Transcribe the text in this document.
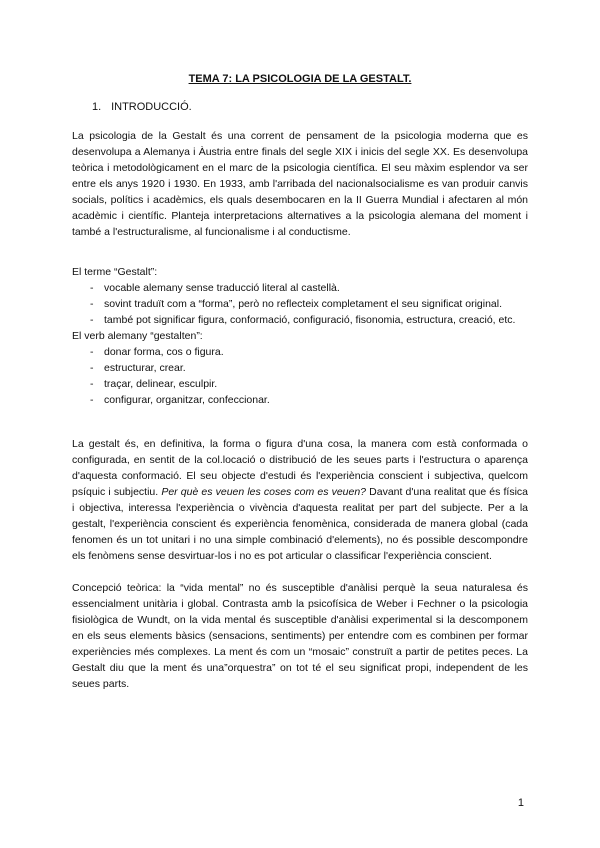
TEMA 7: LA PSICOLOGIA DE LA GESTALT.
1. INTRODUCCIÓ.

La psicologia de la Gestalt és una corrent de pensament de la psicologia moderna que es desenvolupa a Alemanya i Àustria entre finals del segle XIX i inicis del segle XX. Es desenvolupa teòrica i metodològicament en el marc de la psicologia científica. El seu màxim esplendor va ser entre els anys 1920 i 1930. En 1933, amb l'arribada del nacionalsocialisme es van produir canvis socials, polítics i acadèmics, els quals desembocaren en la II Guerra Mundial i afectaren al món acadèmic i científic. Planteja interpretacions alternatives a la psicologia alemana del moment i també a l'estructuralisme, al funcionalisme i al conductisme.

El terme “Gestalt”:

- vocable alemany sense traducció literal al castellà.
- sovint traduït com a “forma”, però no reflecteix completament el seu significat original.
- també pot significar figura, conformació, configuració, fisonomia, estructura, creació, etc.

El verb alemany “gestalten”:

- donar forma, cos o figura.
- estructurar, crear.
- traçar, delinear, esculpir.
- configurar, organitzar, confeccionar.

La gestalt és, en definitiva, la forma o figura d'una cosa, la manera com està conformada o configurada, en sentit de la col.locació o distribució de les seues parts i l'estructura o aparença d'aquesta conformació. El seu objecte d'estudi és l'experiència conscient i subjectiva, quelcom psíquic i subjectiu. Per què es veuen les coses com es veuen? Davant d'una realitat que és física i objectiva, interessa l'experiència o vivència d'aquesta realitat per part del subjecte. Per a la gestalt, l'experiència conscient és experiència fenomènica, considerada de manera global (cada fenomen és un tot unitari i no una simple combinació d'elements), no és possible descompondre els fenòmens sense desvirtuar-los i no es pot articular o classificar l'experiència conscient.

Concepció teòrica: la “vida mental” no és susceptible d'anàlisi perquè la seua naturalesa és essencialment unitària i global. Contrasta amb la psicofísica de Weber i Fechner o la psicologia fisiològica de Wundt, on la vida mental és susceptible d'anàlisi experimental si la descomponem en els seus elements bàsics (sensacions, sentiments) per entendre com es combinen per formar experiències més complexes. La ment és com un “mosaic” construït a partir de petites peces. La Gestalt diu que la ment és una”orquestra” on tot té el seu significat propi, independent de les seues parts.

1
